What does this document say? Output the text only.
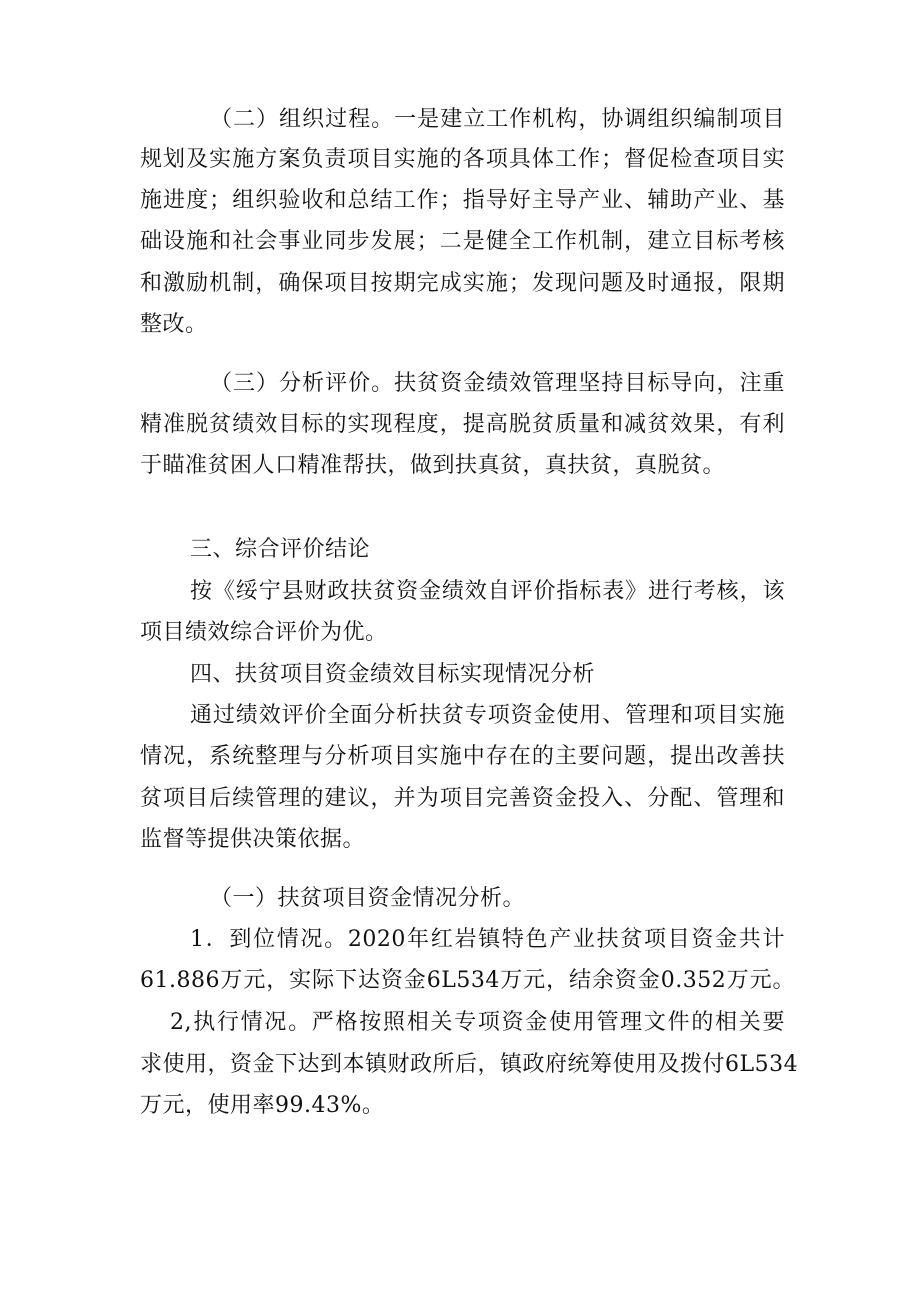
（二）组织过程。一是建立工作机构，协调组织编制项目
规划及实施方案负责项目实施的各项具体工作；督促检查项目实
施进度；组织验收和总结工作；指导好主导产业、辅助产业、基
础设施和社会事业同步发展；二是健全工作机制，建立目标考核
和激励机制，确保项目按期完成实施；发现问题及时通报，限期
整改。
（三）分析评价。扶贫资金绩效管理坚持目标导向，注重
精准脱贫绩效目标的实现程度，提高脱贫质量和减贫效果，有利
于瞄准贫困人口精准帮扶，做到扶真贫，真扶贫，真脱贫。
三、综合评价结论
按《绥宁县财政扶贫资金绩效自评价指标表》进行考核，该
项目绩效综合评价为优。
四、扶贫项目资金绩效目标实现情况分析
通过绩效评价全面分析扶贫专项资金使用、管理和项目实施
情况，系统整理与分析项目实施中存在的主要问题，提出改善扶
贫项目后续管理的建议，并为项目完善资金投入、分配、管理和
监督等提供决策依据。
（一）扶贫项目资金情况分析。
1．到位情况。2020年红岩镇特色产业扶贫项目资金共计
61.886万元，实际下达资金6L534万元，结余资金0.352万元。
2,执行情况。严格按照相关专项资金使用管理文件的相关要
求使用，资金下达到本镇财政所后，镇政府统筹使用及拨付6L534
万元，使用率99.43%。
